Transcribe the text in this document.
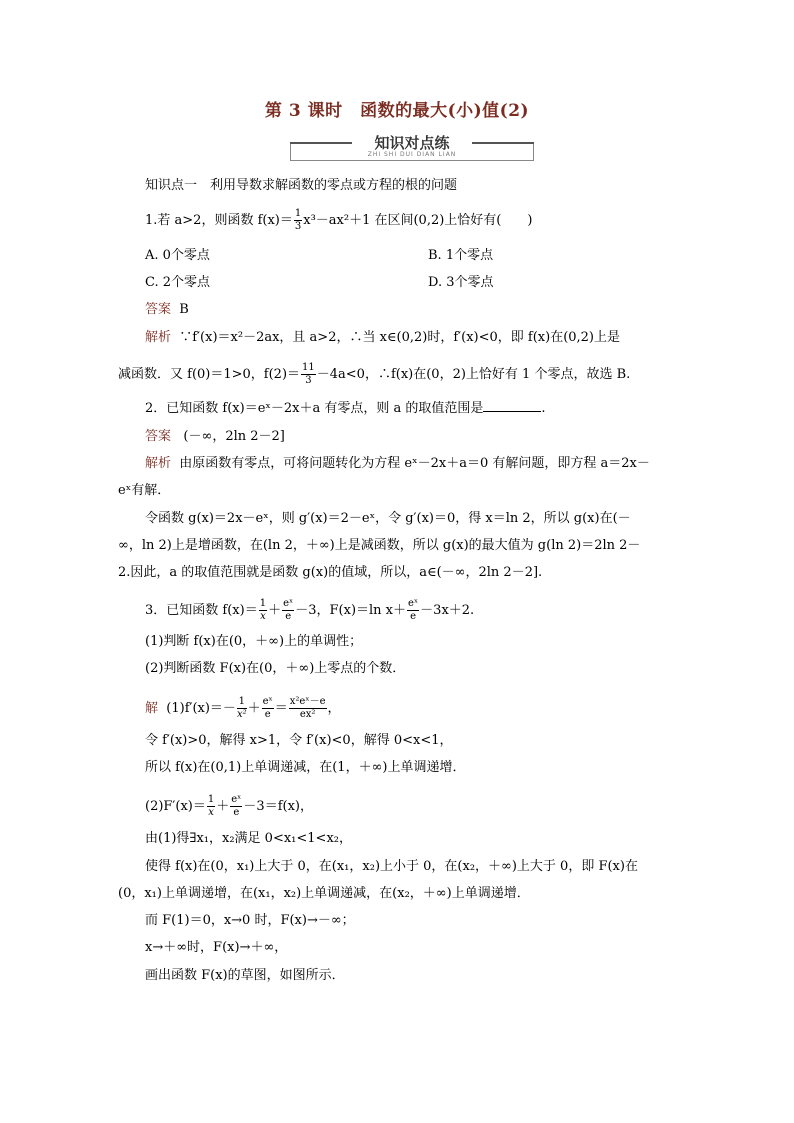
第 3 课时　函数的最大(小)值(2)
知识对点练
ZHI SHI DUI DIAN LIAN
知识点一　利用导数求解函数的零点或方程的根的问题
1.若 a>2，则函数 $f(x)= \frac{1}{3} x^3-ax^2+1$ 在区间(0,2)上恰好有(　　)
A. 0个零点	B. 1个零点
C. 2个零点	D. 3个零点
答案 B
解析 ∵f′(x)＝x²－2ax，且 a>2，∴当 x∈(0,2)时，f′(x)<0，即 f(x)在(0,2)上是
减函数．又 f(0)＝1>0，$f(2)= \frac{11}{3} -4a<0$，∴f(x)在(0，2)上恰好有 1 个零点，故选 B.
2．已知函数 f(x)＝eˣ－2x＋a 有零点，则 a 的取值范围是	.
答案 (－∞，2ln 2－2]
解析 由原函数有零点，可将问题转化为方程 eˣ－2x＋a＝0 有解问题，即方程 a＝2x－
eˣ有解．
令函数 g(x)＝2x－eˣ，则 g′(x)＝2－eˣ，令 g′(x)＝0，得 x＝ln 2，所以 g(x)在(－
∞，ln 2)上是增函数，在(ln 2，＋∞)上是减函数，所以 g(x)的最大值为 g(ln 2)＝2ln 2－
2.因此，a 的取值范围就是函数 g(x)的值域，所以，a∈(－∞，2ln 2－2].
3．已知函数 $f(x)= \frac{1}{x} + \frac{\text{eˣ}}{e} -3$，F(x)＝ln $x+ \frac{\text{eˣ}}{e} -3x+2$.
(1)判断 f(x)在(0，＋∞)上的单调性；
(2)判断函数 F(x)在(0，＋∞)上零点的个数．
解 $(1)f'(x)=- \frac{1}{\text{x²}} + \frac{\text{eˣ}}{e} = \frac{\text{x²eˣ－e}}{\text{ex²}}$ ，
令 f′(x)>0，解得 x>1，令 f′(x)<0，解得 0<x<1，
所以 f(x)在(0,1)上单调递减，在(1，＋∞)上单调递增．
$(2)F'(x)= \frac{1}{x} + \frac{\text{eˣ}}{e} -3=f(x)$，
由(1)得∃x₁，x₂满足 0<x₁<1<x₂，
使得 f(x)在(0，x₁)上大于 0，在(x₁，x₂)上小于 0，在(x₂，＋∞)上大于 0，即 F(x)在
(0，x₁)上单调递增，在(x₁，x₂)上单调递减，在(x₂，＋∞)上单调递增．
而 F(1)＝0，x→0 时，F(x)→－∞；
x→＋∞时，F(x)→＋∞，
画出函数 F(x)的草图，如图所示．
